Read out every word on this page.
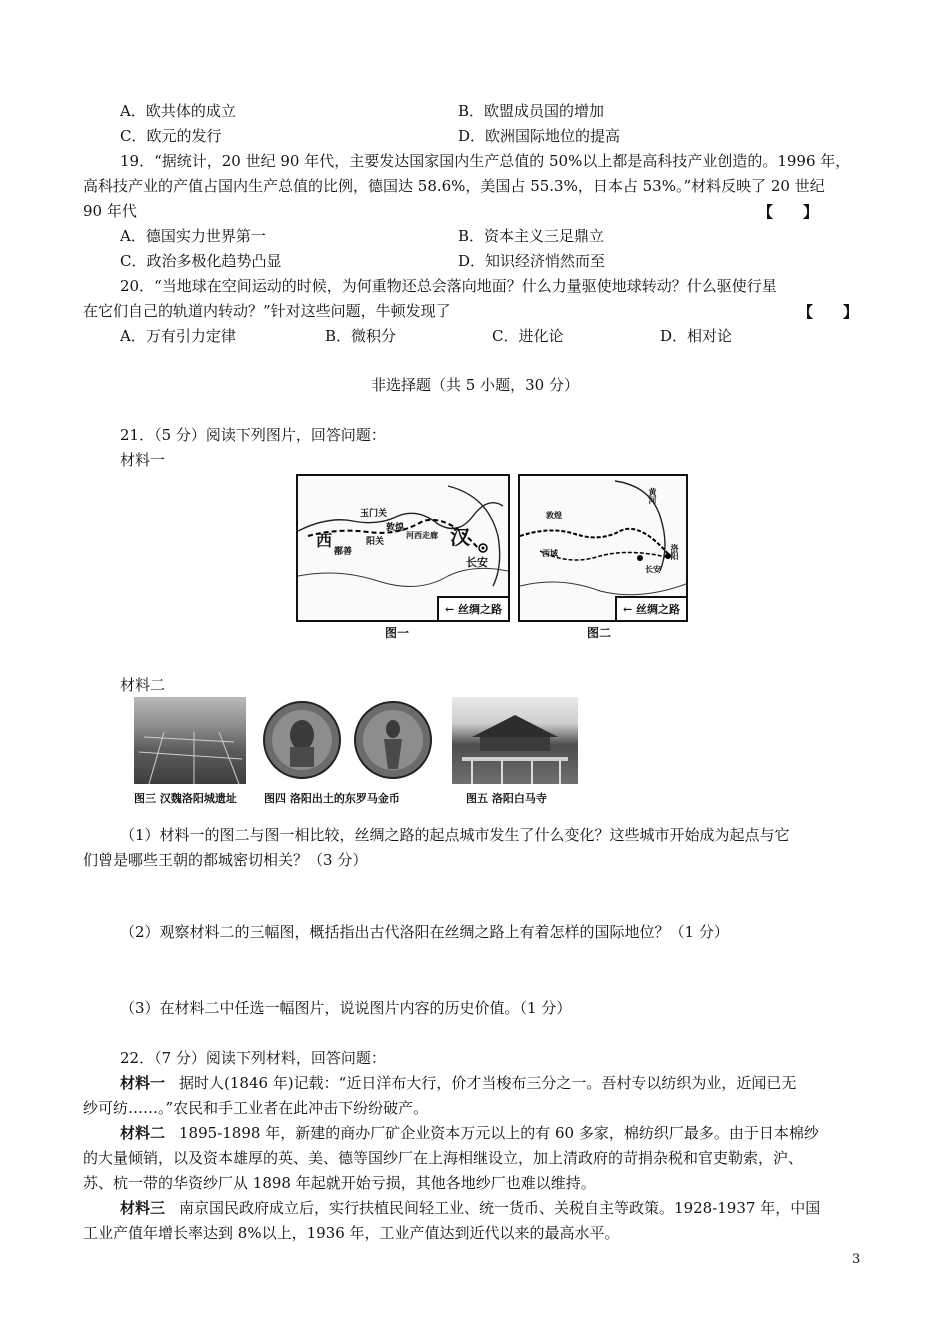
A．欧共体的成立	B．欧盟成员国的增加
C．欧元的发行	D．欧洲国际地位的提高
19．“据统计，20 世纪 90 年代，主要发达国家国内生产总值的 50%以上都是高科技产业创造的。1996 年，
高科技产业的产值占国内生产总值的比例，德国达 58.6%，美国占 55.3%，日本占 53%。”材料反映了 20 世纪
90 年代	【　　】
A．德国实力世界第一	B．资本主义三足鼎立
C．政治多极化趋势凸显	D．知识经济悄然而至
20．“当地球在空间运动的时候，为何重物还总会落向地面？什么力量驱使地球转动？什么驱使行星
在它们自己的轨道内转动？”针对这些问题，牛顿发现了	【　　】
A．万有引力定律	B．微积分	C．进化论	D．相对论
非选择题（共 5 小题，30 分）
21．（5 分）阅读下列图片，回答问题：
材料一
玉门关
敦煌
西	阳关
河西走廊 汉
长安
鄯善
← 丝绸之路
图一
敦煌
洛阳
长安
黄河
西域
← 丝绸之路
图二
材料二
图三 汉魏洛阳城遗址 图四 洛阳出土的东罗马金币	图五 洛阳白马寺
（1）材料一的图二与图一相比较，丝绸之路的起点城市发生了什么变化？这些城市开始成为起点与它
们曾是哪些王朝的都城密切相关？（3 分）
（2）观察材料二的三幅图，概括指出古代洛阳在丝绸之路上有着怎样的国际地位？（1 分）
（3）在材料二中任选一幅图片，说说图片内容的历史价值。（1 分）
22．（7 分）阅读下列材料，回答问题：
材料一 据时人(1846 年)记载：“近日洋布大行，价才当梭布三分之一。吾村专以纺织为业，近闻已无
纱可纺……。”农民和手工业者在此冲击下纷纷破产。
材料二 1895-1898 年，新建的商办厂矿企业资本万元以上的有 60 多家，棉纺织厂最多。由于日本棉纱
的大量倾销，以及资本雄厚的英、美、德等国纱厂在上海相继设立，加上清政府的苛捐杂税和官吏勒索，沪、
苏、杭一带的华资纱厂从 1898 年起就开始亏损，其他各地纱厂也难以维持。
材料三 南京国民政府成立后，实行扶植民间轻工业、统一货币、关税自主等政策。1928-1937 年，中国
工业产值年增长率达到 8%以上，1936 年，工业产值达到近代以来的最高水平。
3
